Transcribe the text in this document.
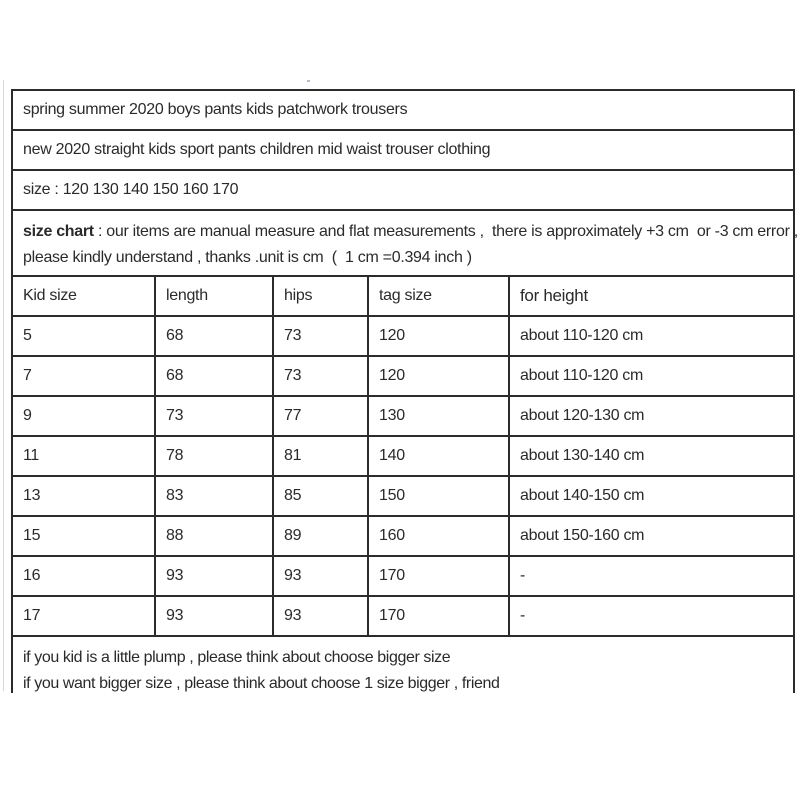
spring summer 2020 boys pants kids patchwork trousers
new 2020 straight kids sport pants children mid waist trouser clothing
size : 120 130 140 150 160 170
size chart : our items are manual measure and flat measurements ,  there is approximately +3 cm  or -3 cm error ,
please kindly understand , thanks .unit is cm  (  1 cm =0.394 inch )
Kid size	length	hips	tag size	for height
5	68	73	120	about 110-120 cm
7	68	73	120	about 110-120 cm
9	73	77	130	about 120-130 cm
11	78	81	140	about 130-140 cm
13	83	85	150	about 140-150 cm
15	88	89	160	about 150-160 cm
16	93	93	170	-
17	93	93	170	-
if you kid is a little plump , please think about choose bigger size
if you want bigger size , please think about choose 1 size bigger , friend
